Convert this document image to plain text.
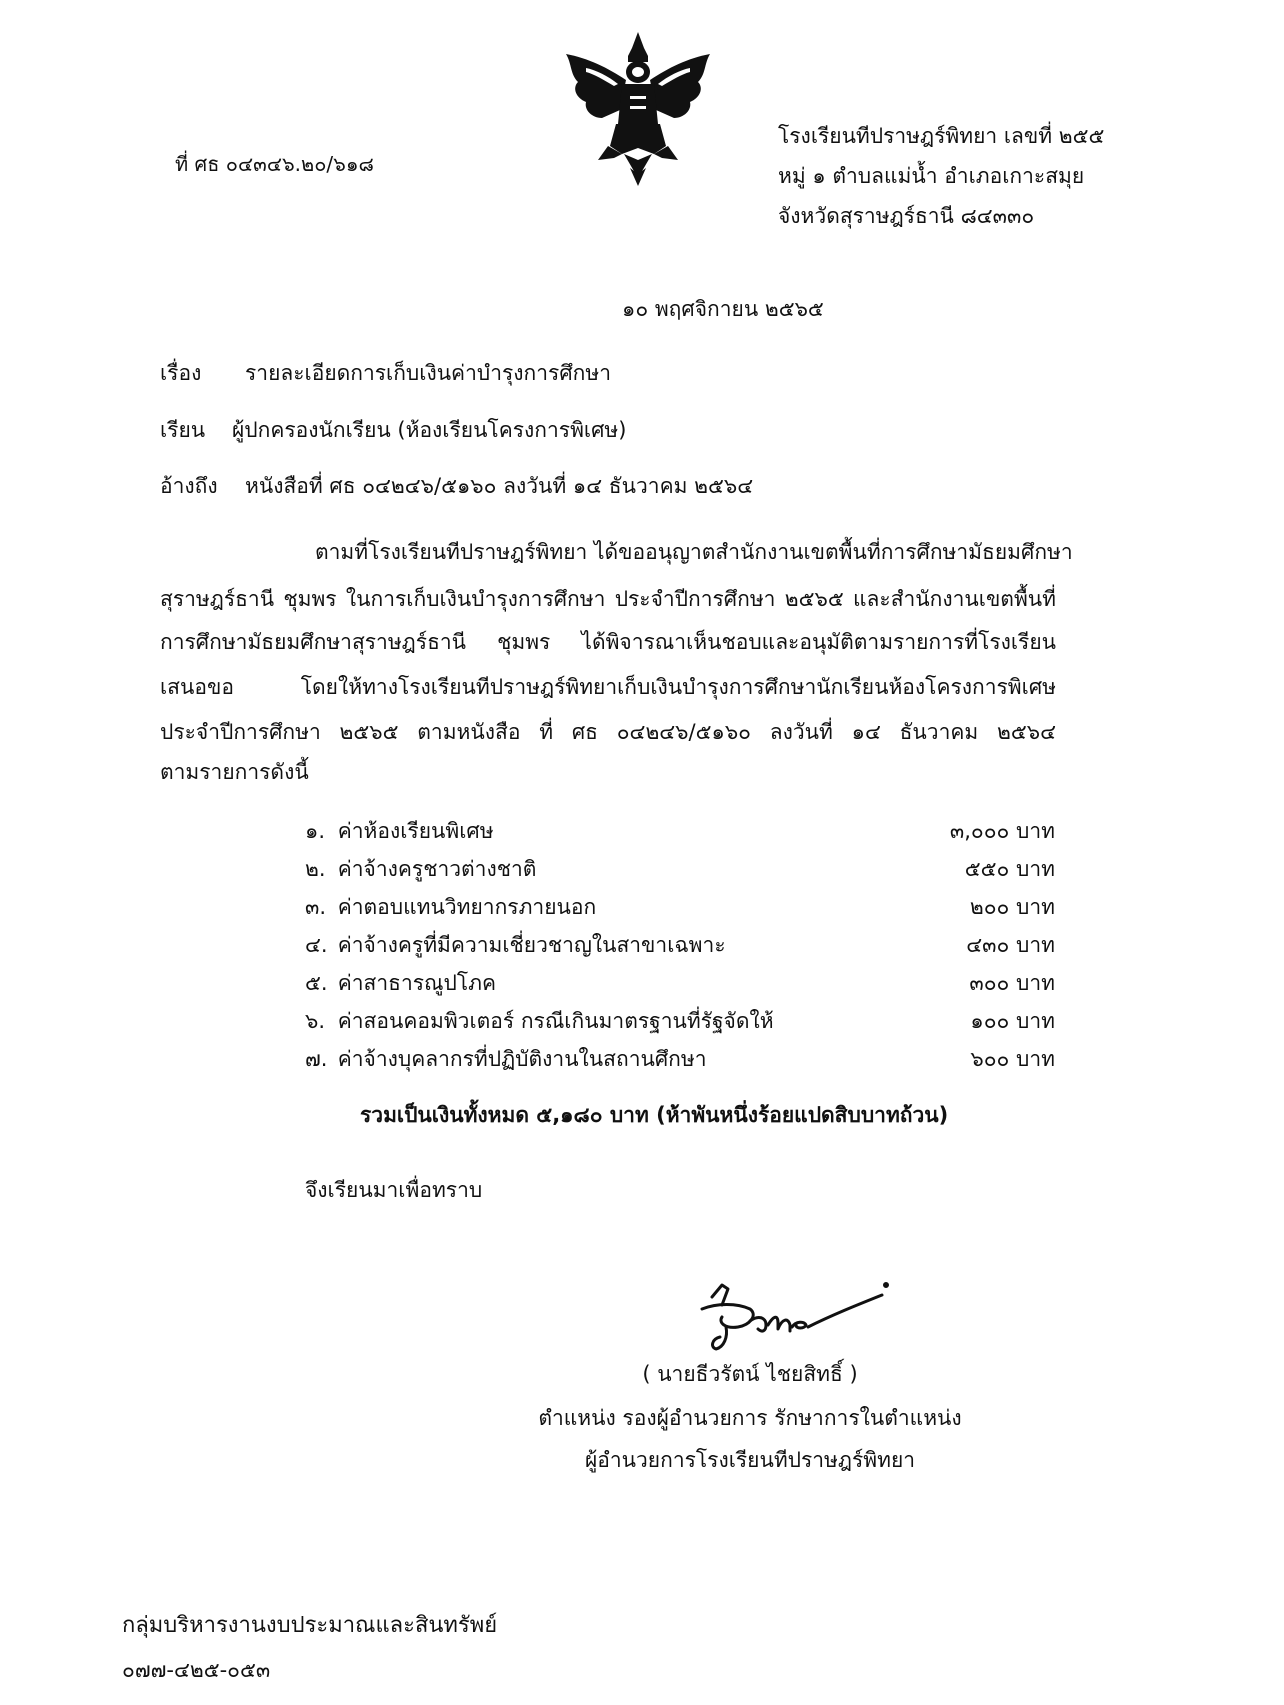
ที่ ศธ ๐๔๓๔๖.๒๐/๖๑๘
โรงเรียนทีปราษฎร์พิทยา เลขที่ ๒๕๕
หมู่ ๑ ตำบลแม่น้ำ อำเภอเกาะสมุย
จังหวัดสุราษฎร์ธานี ๘๔๓๓๐
๑๐ พฤศจิกายน ๒๕๖๕
เรื่อง รายละเอียดการเก็บเงินค่าบำรุงการศึกษา
เรียน ผู้ปกครองนักเรียน (ห้องเรียนโครงการพิเศษ)
อ้างถึง หนังสือที่ ศธ ๐๔๒๔๖/๕๑๖๐ ลงวันที่ ๑๔ ธันวาคม ๒๕๖๔
ตามที่โรงเรียนทีปราษฎร์พิทยา ได้ขออนุญาตสำนักงานเขตพื้นที่การศึกษามัธยมศึกษา
สุราษฎร์ธานี ชุมพร ในการเก็บเงินบำรุงการศึกษา ประจำปีการศึกษา ๒๕๖๕ และสำนักงานเขตพื้นที่
การศึกษามัธยมศึกษาสุราษฎร์ธานี ชุมพร ได้พิจารณาเห็นชอบและอนุมัติตามรายการที่โรงเรียน
เสนอขอ โดยให้ทางโรงเรียนทีปราษฎร์พิทยาเก็บเงินบำรุงการศึกษานักเรียนห้องโครงการพิเศษ
ประจำปีการศึกษา ๒๕๖๕ ตามหนังสือ ที่ ศธ ๐๔๒๔๖/๕๑๖๐ ลงวันที่ ๑๔ ธันวาคม ๒๕๖๔
ตามรายการดังนี้
๑. ค่าห้องเรียนพิเศษ	๓,๐๐๐ บาท
๒. ค่าจ้างครูชาวต่างชาติ	๕๕๐ บาท
๓. ค่าตอบแทนวิทยากรภายนอก	๒๐๐ บาท
๔. ค่าจ้างครูที่มีความเชี่ยวชาญในสาขาเฉพาะ	๔๓๐ บาท
๕. ค่าสาธารณูปโภค	๓๐๐ บาท
๖. ค่าสอนคอมพิวเตอร์ กรณีเกินมาตรฐานที่รัฐจัดให้	๑๐๐ บาท
๗. ค่าจ้างบุคลากรที่ปฏิบัติงานในสถานศึกษา	๖๐๐ บาท
รวมเป็นเงินทั้งหมด ๕,๑๘๐ บาท (ห้าพันหนึ่งร้อยแปดสิบบาทถ้วน)
จึงเรียนมาเพื่อทราบ
( นายธีวรัตน์ ไชยสิทธิ์ )
ตำแหน่ง รองผู้อำนวยการ รักษาการในตำแหน่ง
ผู้อำนวยการโรงเรียนทีปราษฎร์พิทยา
กลุ่มบริหารงานงบประมาณและสินทรัพย์
๐๗๗-๔๒๕-๐๕๓
